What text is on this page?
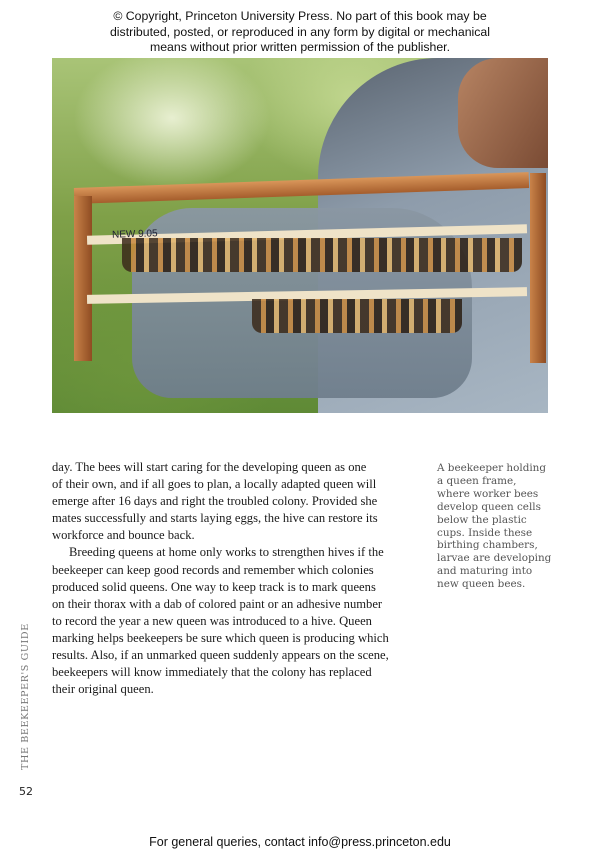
© Copyright, Princeton University Press. No part of this book may be
distributed, posted, or reproduced in any form by digital or mechanical
means without prior written permission of the publisher.
NEW 9.05
day. The bees will start caring for the developing queen as one
of their own, and if all goes to plan, a locally adapted queen will
emerge after 16 days and right the troubled colony. Provided she
mates successfully and starts laying eggs, the hive can restore its
workforce and bounce back.
Breeding queens at home only works to strengthen hives if the
beekeeper can keep good records and remember which colonies
produced solid queens. One way to keep track is to mark queens
on their thorax with a dab of colored paint or an adhesive number
to record the year a new queen was introduced to a hive. Queen
marking helps beekeepers be sure which queen is producing which
results. Also, if an unmarked queen suddenly appears on the scene,
beekeepers will know immediately that the colony has replaced
their original queen.
A beekeeper holding
a queen frame,
where worker bees
develop queen cells
below the plastic
cups. Inside these
birthing chambers,
larvae are developing
and maturing into
new queen bees.
THE BEEKEEPER'S GUIDE
52
For general queries, contact info@press.princeton.edu
